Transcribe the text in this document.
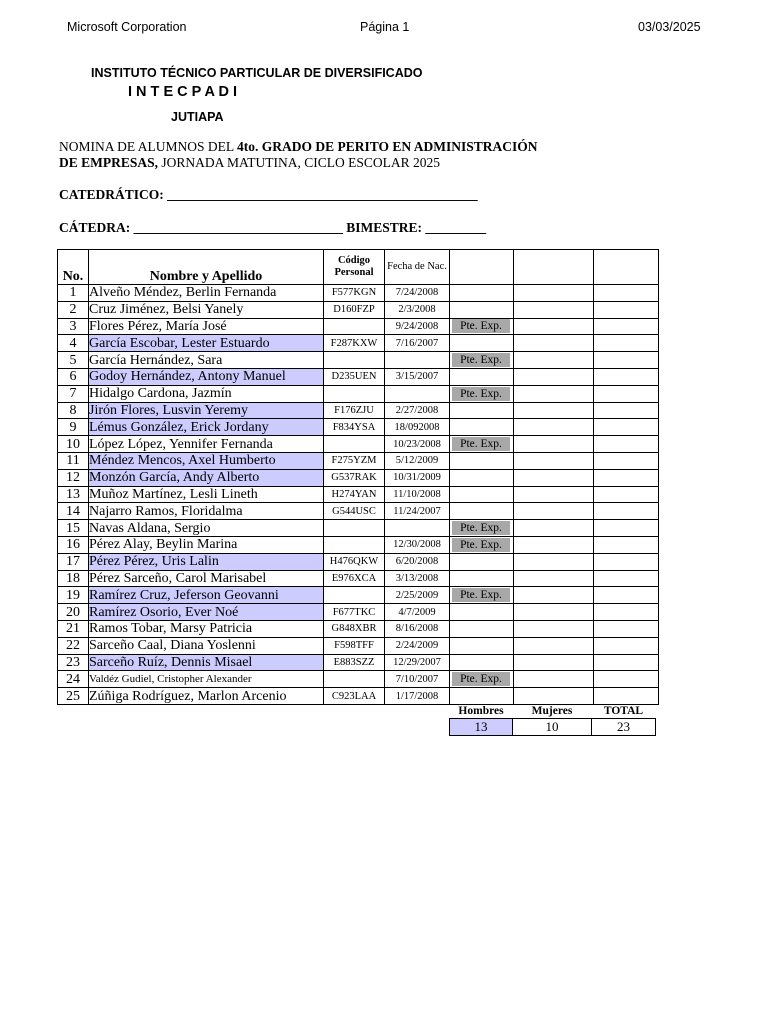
Microsoft Corporation	Página 1	03/03/2025
INSTITUTO TÉCNICO PARTICULAR DE DIVERSIFICADO
I N T E C P A D I
JUTIAPA
NOMINA DE ALUMNOS DEL 4to. GRADO DE PERITO EN ADMINISTRACIÓN
DE EMPRESAS, JORNADA MATUTINA, CICLO ESCOLAR 2025
CATEDRÁTICO: ______________________________________________
CÁTEDRA: _______________________________ BIMESTRE: _________
No.	Nombre y Apellido	Código Personal	Fecha de Nac.			
1	Alveño Méndez, Berlin Fernanda	F577KGN	7/24/2008			
2	Cruz Jiménez, Belsi Yanely	D160FZP	2/3/2008			
3	Flores Pérez, María José		9/24/2008	Pte. Exp.		

4	García Escobar, Lester Estuardo	F287KXW	7/16/2007			
5	García Hernández, Sara			Pte. Exp.		

6	Godoy Hernández, Antony Manuel	D235UEN	3/15/2007			
7	Hidalgo Cardona, Jazmín			Pte. Exp.		

8	Jirón Flores, Lusvin Yeremy	F176ZJU	2/27/2008			
9	Lémus González, Erick Jordany	F834YSA	18/092008			
10	López López, Yennifer Fernanda		10/23/2008	Pte. Exp.		

11	Méndez Mencos, Axel Humberto	F275YZM	5/12/2009			
12	Monzón García, Andy Alberto	G537RAK	10/31/2009			
13	Muñoz Martínez, Lesli Lineth	H274YAN	11/10/2008			
14	Najarro Ramos, Floridalma	G544USC	11/24/2007			
15	Navas Aldana, Sergio			Pte. Exp.		

16	Pérez Alay, Beylin Marina		12/30/2008	Pte. Exp.		

17	Pérez Pérez, Uris Lalin	H476QKW	6/20/2008			
18	Pérez Sarceño, Carol Marisabel	E976XCA	3/13/2008			
19	Ramírez Cruz, Jeferson Geovanni		2/25/2009	Pte. Exp.		

20	Ramírez Osorio, Ever Noé	F677TKC	4/7/2009			
21	Ramos Tobar, Marsy Patricia	G848XBR	8/16/2008			
22	Sarceño Caal, Diana Yoslenni	F598TFF	2/24/2009			
23	Sarceño Ruíz, Dennis Misael	E883SZZ	12/29/2007			
24	Valdéz Gudiel, Cristopher Alexander		7/10/2007	Pte. Exp.		

25	Zúñiga Rodríguez, Marlon Arcenio	C923LAA	1/17/2008			
Hombres	Mujeres	TOTAL
13	10	23
